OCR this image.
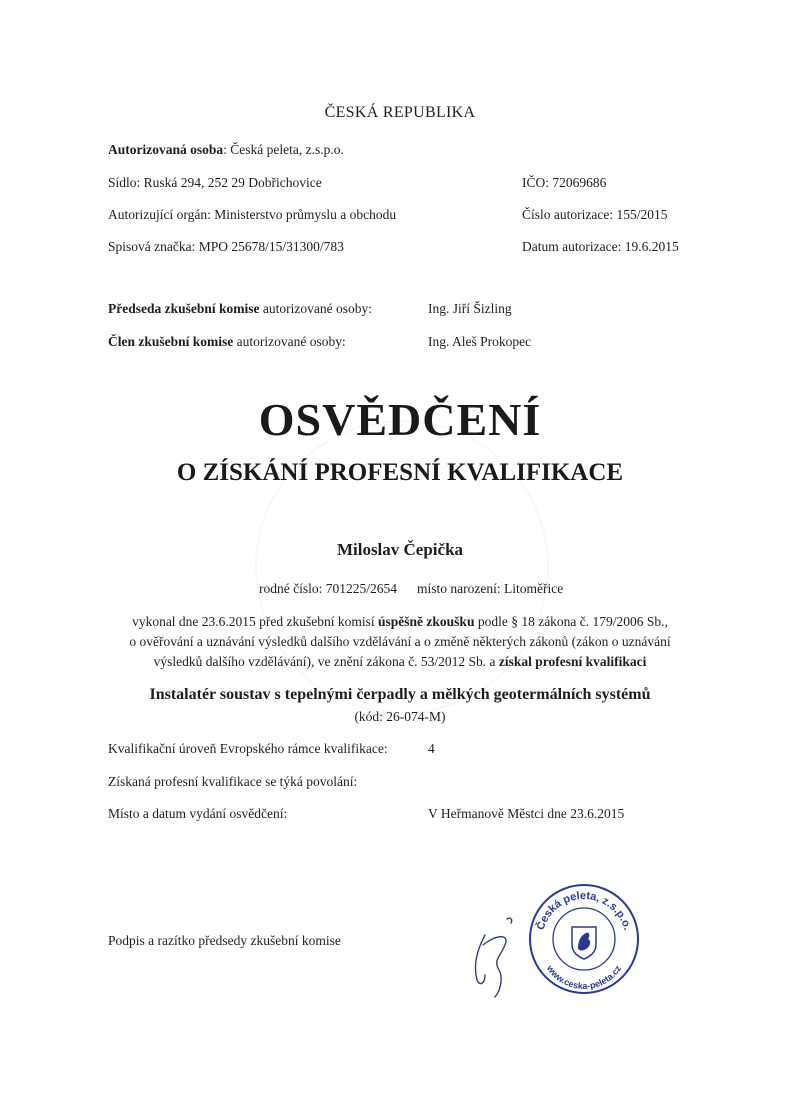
ČESKÁ REPUBLIKA
Autorizovaná osoba: Česká peleta, z.s.p.o.
Sídlo: Ruská 294, 252 29 Dobřichovice	IČO: 72069686
Autorizující orgán: Ministerstvo průmyslu a obchodu	Číslo autorizace: 155/2015
Spisová značka: MPO 25678/15/31300/783	Datum autorizace: 19.6.2015
Předseda zkušební komise autorizované osoby:	Ing. Jiří Šizling
Člen zkušební komise autorizované osoby:	Ing. Aleš Prokopec
OSVĚDČENÍ
O ZÍSKÁNÍ PROFESNÍ KVALIFIKACE
Miloslav Čepička
rodné číslo: 701225/2654 místo narození: Litoměřice
vykonal dne 23.6.2015 před zkušební komisí úspěšně zkoušku podle § 18 zákona č. 179/2006 Sb.,
o ověřování a uznávání výsledků dalšího vzdělávání a o změně některých zákonů (zákon o uznávání
výsledků dalšího vzdělávání), ve znění zákona č. 53/2012 Sb. a získal profesní kvalifikaci
Instalatér soustav s tepelnými čerpadly a mělkých geotermálních systémů
(kód: 26-074-M)
Kvalifikační úroveň Evropského rámce kvalifikace:	4
Získaná profesní kvalifikace se týká povolání:
Místo a datum vydání osvědčení:	V Heřmanově Městci dne 23.6.2015
Podpis a razítko předsedy zkušební komise
Česká peleta, z.s.p.o.
www.ceska-peleta.cz
